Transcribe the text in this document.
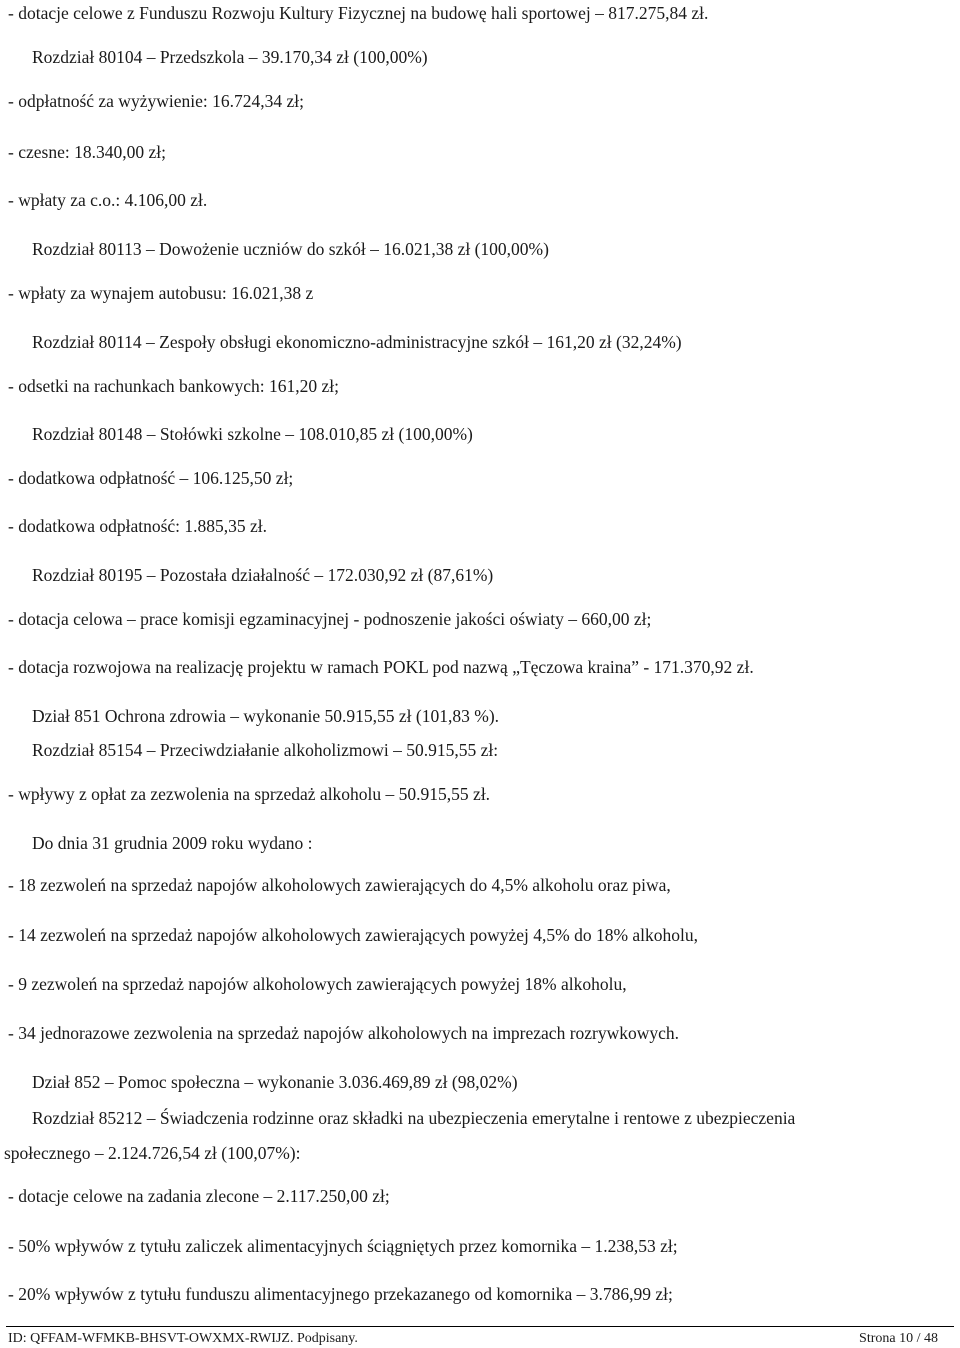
- dotacje celowe z Funduszu Rozwoju Kultury Fizycznej na budowę hali sportowej – 817.275,84 zł.
Rozdział 80104 – Przedszkola – 39.170,34 zł (100,00%)
- odpłatność za wyżywienie: 16.724,34 zł;
- czesne: 18.340,00 zł;
- wpłaty za c.o.: 4.106,00 zł.
Rozdział 80113 – Dowożenie uczniów do szkół – 16.021,38 zł (100,00%)
- wpłaty za wynajem autobusu: 16.021,38 z
Rozdział 80114 – Zespoły obsługi ekonomiczno-administracyjne szkół – 161,20 zł (32,24%)
- odsetki na rachunkach bankowych: 161,20 zł;
Rozdział 80148 – Stołówki szkolne – 108.010,85 zł (100,00%)
- dodatkowa odpłatność – 106.125,50 zł;
- dodatkowa odpłatność: 1.885,35 zł.
Rozdział 80195 – Pozostała działalność – 172.030,92 zł (87,61%)
- dotacja celowa – prace komisji egzaminacyjnej - podnoszenie jakości oświaty – 660,00 zł;
- dotacja rozwojowa na realizację projektu w ramach POKL pod nazwą „Tęczowa kraina” - 171.370,92 zł.
Dział 851 Ochrona zdrowia – wykonanie 50.915,55 zł (101,83 %).
Rozdział 85154 – Przeciwdziałanie alkoholizmowi – 50.915,55 zł:
- wpływy z opłat za zezwolenia na sprzedaż alkoholu – 50.915,55 zł.
Do dnia 31 grudnia 2009 roku wydano :
- 18 zezwoleń na sprzedaż napojów alkoholowych zawierających do 4,5% alkoholu oraz piwa,
- 14 zezwoleń na sprzedaż napojów alkoholowych zawierających powyżej 4,5% do 18% alkoholu,
- 9 zezwoleń na sprzedaż napojów alkoholowych zawierających powyżej 18% alkoholu,
- 34 jednorazowe zezwolenia na sprzedaż napojów alkoholowych na imprezach rozrywkowych.
Dział 852 – Pomoc społeczna – wykonanie 3.036.469,89 zł (98,02%)
Rozdział 85212 – Świadczenia rodzinne oraz składki na ubezpieczenia emerytalne i rentowe z ubezpieczenia
społecznego – 2.124.726,54 zł (100,07%):
- dotacje celowe na zadania zlecone – 2.117.250,00 zł;
- 50% wpływów z tytułu zaliczek alimentacyjnych ściągniętych przez komornika – 1.238,53 zł;
- 20% wpływów z tytułu funduszu alimentacyjnego przekazanego od komornika – 3.786,99 zł;
ID: QFFAM-WFMKB-BHSVT-OWXMX-RWIJZ. Podpisany.	Strona 10 / 48
